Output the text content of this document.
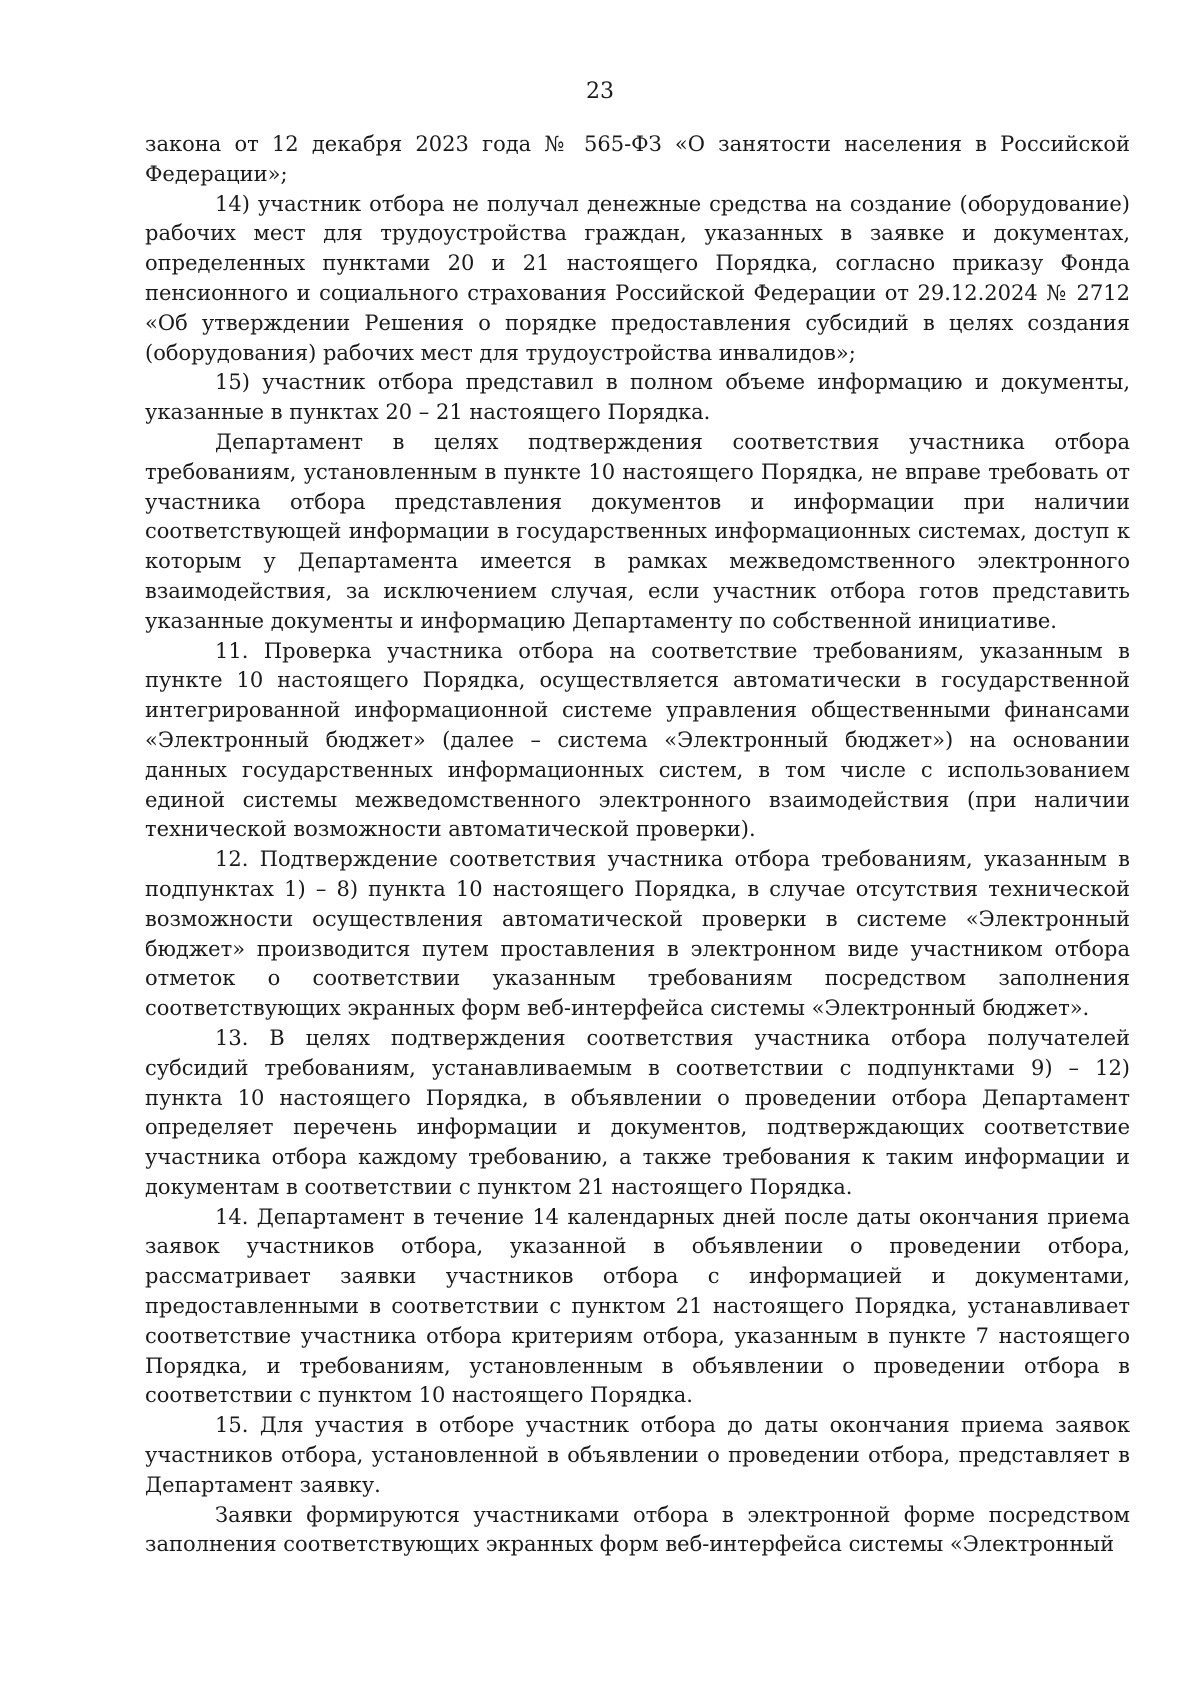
23

закона от 12 декабря 2023 года № 565-ФЗ «О занятости населения в Российской Федерации»;

14) участник отбора не получал денежные средства на создание (оборудование) рабочих мест для трудоустройства граждан, указанных в заявке и документах, определенных пунктами 20 и 21 настоящего Порядка, согласно приказу Фонда пенсионного и социального страхования Российской Федерации от 29.12.2024 № 2712 «Об утверждении Решения о порядке предоставления субсидий в целях создания (оборудования) рабочих мест для трудоустройства инвалидов»;

15) участник отбора представил в полном объеме информацию и документы, указанные в пунктах 20 – 21 настоящего Порядка.

Департамент в целях подтверждения соответствия участника отбора требованиям, установленным в пункте 10 настоящего Порядка, не вправе требовать от участника отбора представления документов и информации при наличии соответствующей информации в государственных информационных системах, доступ к которым у Департамента имеется в рамках межведомственного электронного взаимодействия, за исключением случая, если участник отбора готов представить указанные документы и информацию Департаменту по собственной инициативе.

11. Проверка участника отбора на соответствие требованиям, указанным в пункте 10 настоящего Порядка, осуществляется автоматически в государственной интегрированной информационной системе управления общественными финансами «Электронный бюджет» (далее – система «Электронный бюджет») на основании данных государственных информационных систем, в том числе с использованием единой системы межведомственного электронного взаимодействия (при наличии технической возможности автоматической проверки).

12. Подтверждение соответствия участника отбора требованиям, указанным в подпунктах 1) – 8) пункта 10 настоящего Порядка, в случае отсутствия технической возможности осуществления автоматической проверки в системе «Электронный бюджет» производится путем проставления в электронном виде участником отбора отметок о соответствии указанным требованиям посредством заполнения соответствующих экранных форм веб-интерфейса системы «Электронный бюджет».

13. В целях подтверждения соответствия участника отбора получателей субсидий требованиям, устанавливаемым в соответствии с подпунктами 9) – 12) пункта 10 настоящего Порядка, в объявлении о проведении отбора Департамент определяет перечень информации и документов, подтверждающих соответствие участника отбора каждому требованию, а также требования к таким информации и документам в соответствии с пунктом 21 настоящего Порядка.

14. Департамент в течение 14 календарных дней после даты окончания приема заявок участников отбора, указанной в объявлении о проведении отбора, рассматривает заявки участников отбора с информацией и документами, предоставленными в соответствии с пунктом 21 настоящего Порядка, устанавливает соответствие участника отбора критериям отбора, указанным в пункте 7 настоящего Порядка, и требованиям, установленным в объявлении о проведении отбора в соответствии с пунктом 10 настоящего Порядка.

15. Для участия в отборе участник отбора до даты окончания приема заявок участников отбора, установленной в объявлении о проведении отбора, представляет в Департамент заявку.

Заявки формируются участниками отбора в электронной форме посредством заполнения соответствующих экранных форм веб-интерфейса системы «Электронный
